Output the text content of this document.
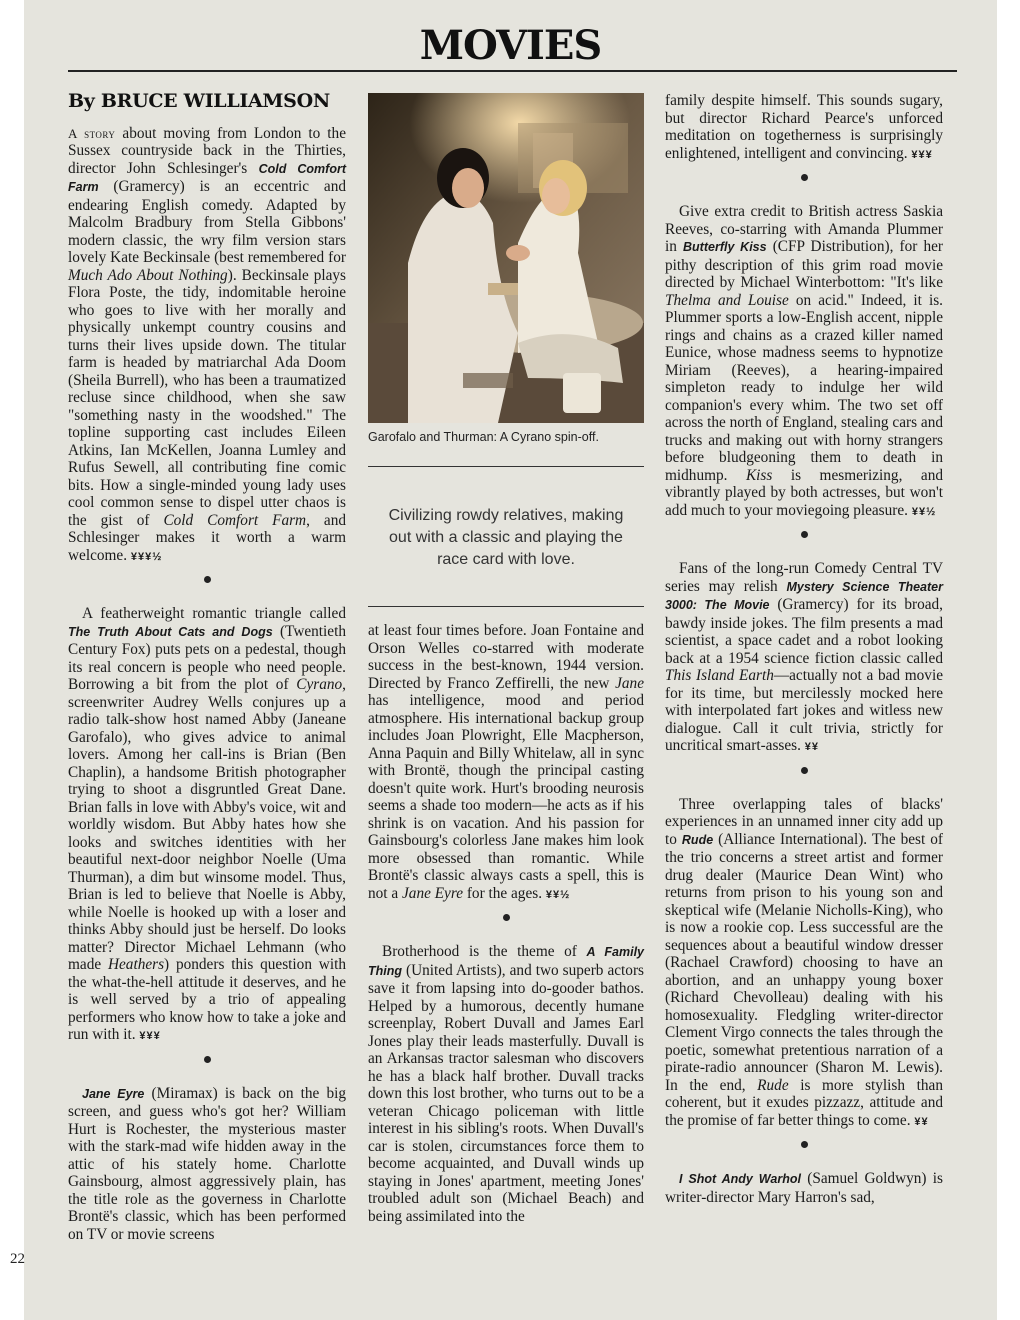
MOVIES
By BRUCE WILLIAMSON

A story about moving from London to the Sussex countryside back in the Thirties, director John Schlesinger's Cold Comfort Farm (Gramercy) is an eccentric and endearing English comedy. Adapted by Malcolm Bradbury from Stella Gibbons' modern classic, the wry film version stars lovely Kate Beckinsale (best remembered for Much Ado About Nothing). Beckinsale plays Flora Poste, the tidy, indomitable heroine who goes to live with her morally and physically unkempt country cousins and turns their lives upside down. The titular farm is headed by matriarchal Ada Doom (Sheila Burrell), who has been a traumatized recluse since childhood, when she saw "something nasty in the woodshed." The topline supporting cast includes Eileen Atkins, Ian McKellen, Joanna Lumley and Rufus Sewell, all contributing fine comic bits. How a single-minded young lady uses cool common sense to dispel utter chaos is the gist of Cold Comfort Farm, and Schlesinger makes it worth a warm welcome. ¥¥¥½

A featherweight romantic triangle called The Truth About Cats and Dogs (Twentieth Century Fox) puts pets on a pedestal, though its real concern is people who need people. Borrowing a bit from the plot of Cyrano, screenwriter Audrey Wells conjures up a radio talk-show host named Abby (Janeane Garofalo), who gives advice to animal lovers. Among her call-ins is Brian (Ben Chaplin), a handsome British photographer trying to shoot a disgruntled Great Dane. Brian falls in love with Abby's voice, wit and worldly wisdom. But Abby hates how she looks and switches identities with her beautiful next-door neighbor Noelle (Uma Thurman), a dim but winsome model. Thus, Brian is led to believe that Noelle is Abby, while Noelle is hooked up with a loser and thinks Abby should just be herself. Do looks matter? Director Michael Lehmann (who made Heathers) ponders this question with the what-the-hell attitude it deserves, and he is well served by a trio of appealing performers who know how to take a joke and run with it. ¥¥¥

Jane Eyre (Miramax) is back on the big screen, and guess who's got her? William Hurt is Rochester, the mysterious master with the stark-mad wife hidden away in the attic of his stately home. Charlotte Gainsbourg, almost aggressively plain, has the title role as the governess in Charlotte Brontë's classic, which has been performed on TV or movie screens

Garofalo and Thurman: A Cyrano spin-off.
Civilizing rowdy relatives, making out with a classic and playing the race card with love.

at least four times before. Joan Fontaine and Orson Welles co-starred with moderate success in the best-known, 1944 version. Directed by Franco Zeffirelli, the new Jane has intelligence, mood and period atmosphere. His international backup group includes Joan Plowright, Elle Macpherson, Anna Paquin and Billy Whitelaw, all in sync with Brontë, though the principal casting doesn't quite work. Hurt's brooding neurosis seems a shade too modern—he acts as if his shrink is on vacation. And his passion for Gainsbourg's colorless Jane makes him look more obsessed than romantic. While Brontë's classic always casts a spell, this is not a Jane Eyre for the ages. ¥¥½

Brotherhood is the theme of A Family Thing (United Artists), and two superb actors save it from lapsing into do-gooder bathos. Helped by a humorous, decently humane screenplay, Robert Duvall and James Earl Jones play their leads masterfully. Duvall is an Arkansas tractor salesman who discovers he has a black half brother. Duvall tracks down this lost brother, who turns out to be a veteran Chicago policeman with little interest in his sibling's roots. When Duvall's car is stolen, circumstances force them to become acquainted, and Duvall winds up staying in Jones' apartment, meeting Jones' troubled adult son (Michael Beach) and being assimilated into the

family despite himself. This sounds sugary, but director Richard Pearce's unforced meditation on togetherness is surprisingly enlightened, intelligent and convincing. ¥¥¥

Give extra credit to British actress Saskia Reeves, co-starring with Amanda Plummer in Butterfly Kiss (CFP Distribution), for her pithy description of this grim road movie directed by Michael Winterbottom: "It's like Thelma and Louise on acid." Indeed, it is. Plummer sports a low-English accent, nipple rings and chains as a crazed killer named Eunice, whose madness seems to hypnotize Miriam (Reeves), a hearing-impaired simpleton ready to indulge her wild companion's every whim. The two set off across the north of England, stealing cars and trucks and making out with horny strangers before bludgeoning them to death in midhump. Kiss is mesmerizing, and vibrantly played by both actresses, but won't add much to your moviegoing pleasure. ¥¥½

Fans of the long-run Comedy Central TV series may relish Mystery Science Theater 3000: The Movie (Gramercy) for its broad, bawdy inside jokes. The film presents a mad scientist, a space cadet and a robot looking back at a 1954 science fiction classic called This Island Earth—actually not a bad movie for its time, but mercilessly mocked here with interpolated fart jokes and witless new dialogue. Call it cult trivia, strictly for uncritical smart-asses. ¥¥

Three overlapping tales of blacks' experiences in an unnamed inner city add up to Rude (Alliance International). The best of the trio concerns a street artist and former drug dealer (Maurice Dean Wint) who returns from prison to his young son and skeptical wife (Melanie Nicholls-King), who is now a rookie cop. Less successful are the sequences about a beautiful window dresser (Rachael Crawford) choosing to have an abortion, and an unhappy young boxer (Richard Chevolleau) dealing with his homosexuality. Fledgling writer-director Clement Virgo connects the tales through the poetic, somewhat pretentious narration of a pirate-radio announcer (Sharon M. Lewis). In the end, Rude is more stylish than coherent, but it exudes pizzazz, attitude and the promise of far better things to come. ¥¥

I Shot Andy Warhol (Samuel Goldwyn) is writer-director Mary Harron's sad,

22
